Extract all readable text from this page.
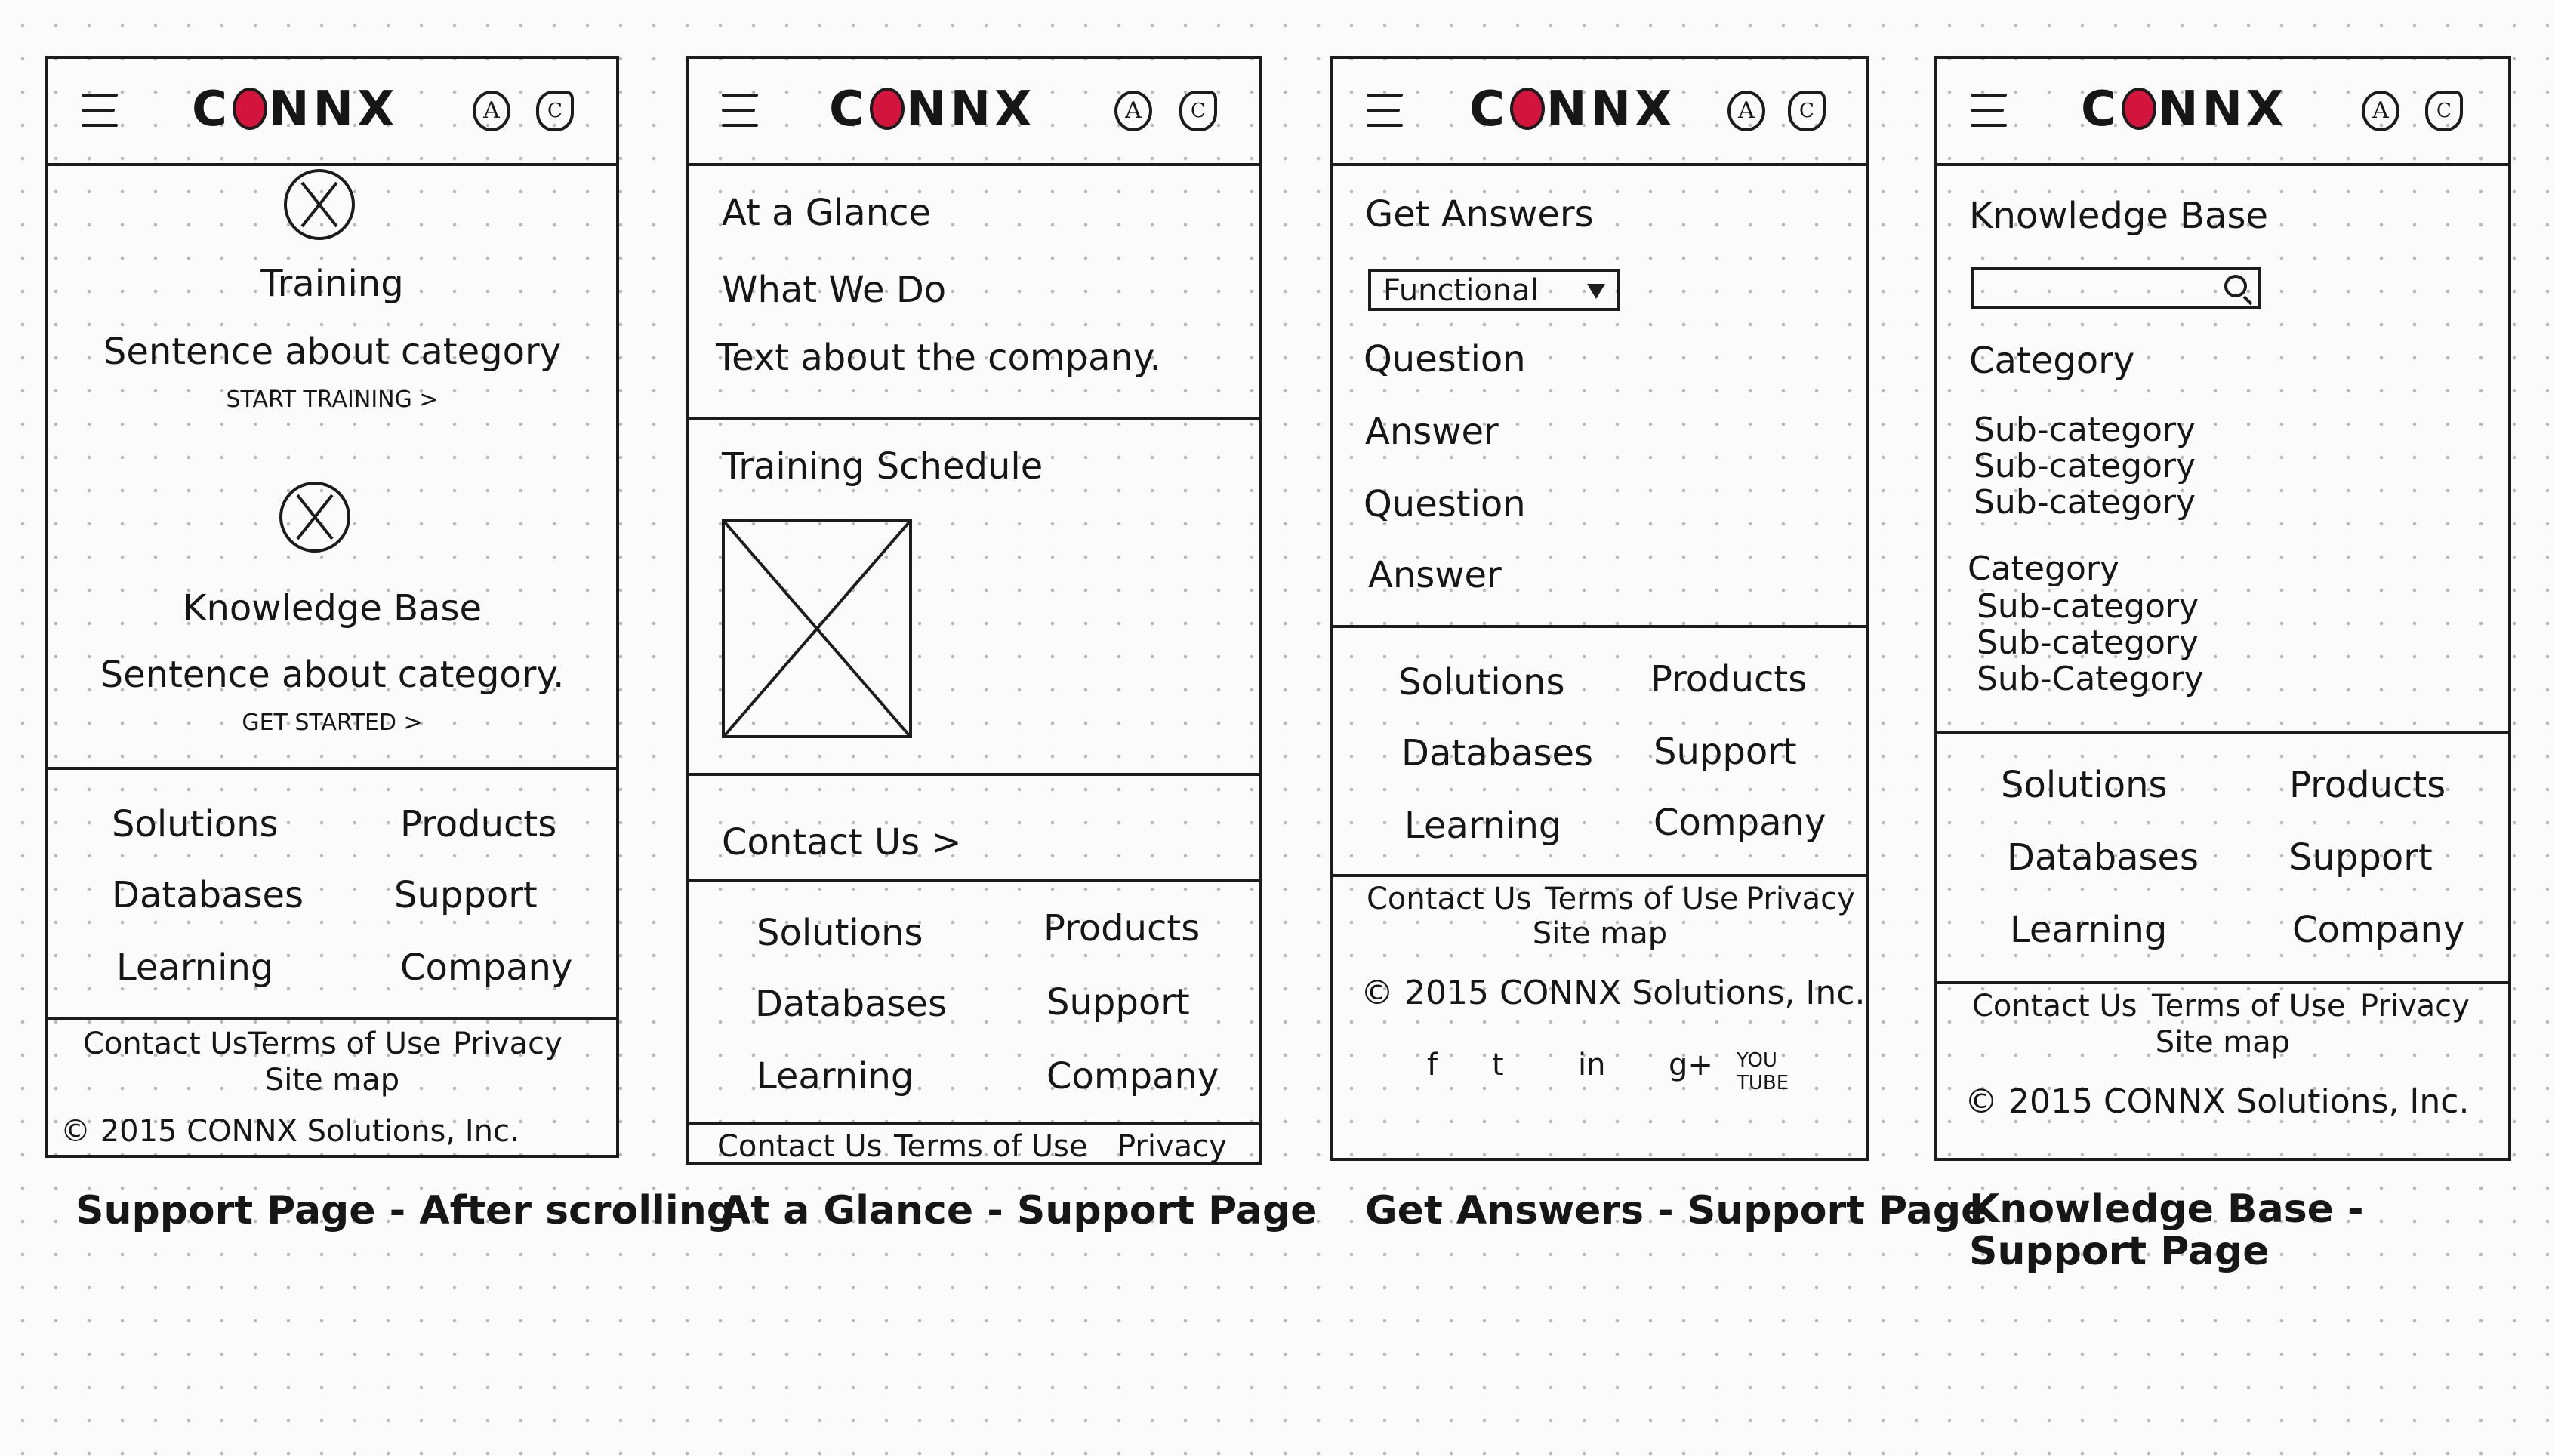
C NNX	A	C
Training
Sentence about category
START TRAINING >
Knowledge Base
Sentence about category.
GET STARTED >
Solutions	Products
Databases Support
Learning	Company
Contact Us Terms of Use Privacy
Site map
© 2015 CONNX Solutions, Inc.
Support Page - After scrolling
C NNX	A	C
At a Glance
What We Do
Text about the company.
Training Schedule
Contact Us >
Solutions	Products
Databases	Support
Learning	Company
Contact Us Terms of Use Privacy
At a Glance - Support Page
C NNX	A	C
Get Answers
Functional
Question
Answer
Question
Answer
Solutions Products
Databases Support
Learning	Company
Contact Us Terms of Use Privacy
Site map
© 2015 CONNX Solutions, Inc.
f t in g+ YOU TUBE
Get Answers - Support Page
C NNX	A	C
Knowledge Base
Category
Sub-category
Sub-category
Sub-category
Category
Sub-category
Sub-category
Sub-Category
Solutions	Products
Databases Support
Learning	Company
Contact Us Terms of Use Privacy
Site map
© 2015 CONNX Solutions, Inc.
Knowledge Base - Support Page
